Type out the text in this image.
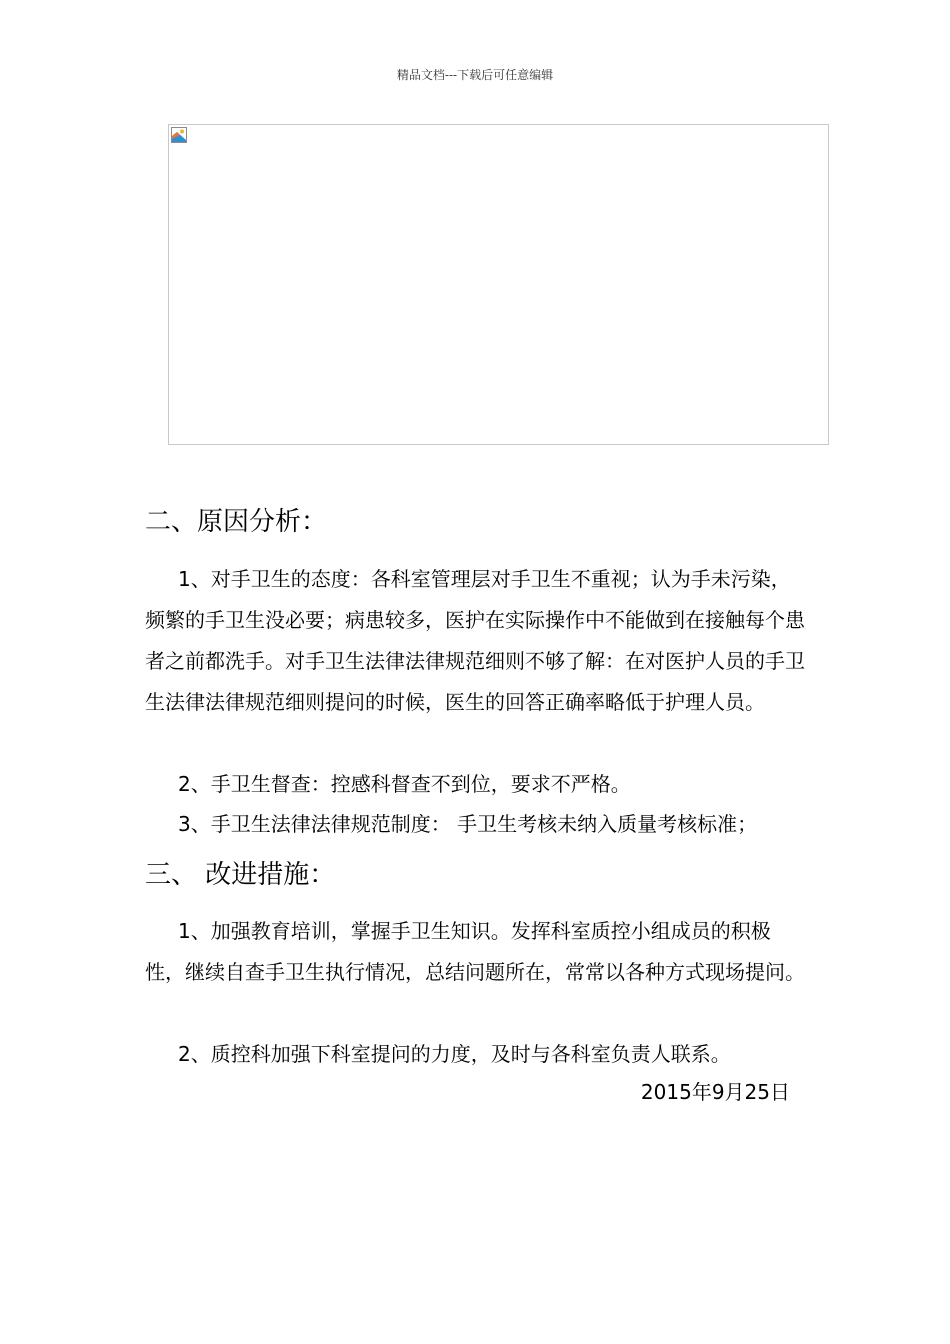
精品文档---下载后可任意编辑
二、原因分析：
1、对手卫生的态度：各科室管理层对手卫生不重视；认为手未污染，频繁的手卫生没必要；病患较多，医护在实际操作中不能做到在接触每个患者之前都洗手。对手卫生法律法律规范细则不够了解：在对医护人员的手卫生法律法律规范细则提问的时候，医生的回答正确率略低于护理人员。
2、手卫生督查：控感科督查不到位，要求不严格。
3、手卫生法律法律规范制度： 手卫生考核未纳入质量考核标准；
三、 改进措施：
1、加强教育培训，掌握手卫生知识。发挥科室质控小组成员的积极性，继续自查手卫生执行情况，总结问题所在，常常以各种方式现场提问。
2、质控科加强下科室提问的力度，及时与各科室负责人联系。
2015年9月25日
